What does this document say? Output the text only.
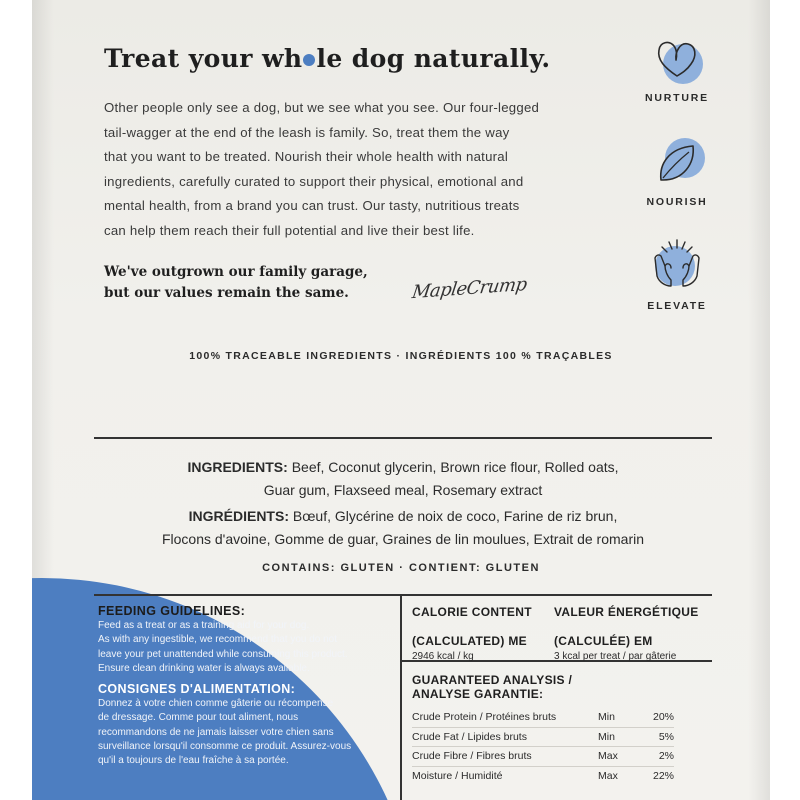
Treat your wh le dog naturally.
Other people only see a dog, but we see what you see. Our four-legged
tail-wagger at the end of the leash is family. So, treat them the way
that you want to be treated. Nourish their whole health with natural
ingredients, carefully curated to support their physical, emotional and
mental health, from a brand you can trust. Our tasty, nutritious treats
can help them reach their full potential and live their best life.
We've outgrown our family garage,
but our values remain the same.	MapleCrump
NURTURE
NOURISH
ELEVATE
100% TRACEABLE INGREDIENTS · INGRÉDIENTS 100 % TRAÇABLES

INGREDIENTS: Beef, Coconut glycerin, Brown rice flour, Rolled oats,
Guar gum, Flaxseed meal, Rosemary extract

INGRÉDIENTS: Bœuf, Glycérine de noix de coco, Farine de riz brun,
Flocons d'avoine, Gomme de guar, Graines de lin moulues, Extrait de romarin

CONTAINS: GLUTEN · CONTIENT: GLUTEN
FEEDING GUIDELINES:

Feed as a treat or as a training aid for your dog.
As with any ingestible, we recommend that you do not
leave your pet unattended while consuming this product.
Ensure clean drinking water is always available.

CONSIGNES D'ALIMENTATION:

Donnez à votre chien comme gâterie ou récompense
de dressage. Comme pour tout aliment, nous
recommandons de ne jamais laisser votre chien sans
surveillance lorsqu'il consomme ce produit. Assurez-vous
qu'il a toujours de l'eau fraîche à sa portée.

CALORIE CONTENT

(CALCULATED) ME
2946 kcal / kg
VALEUR ÉNERGÉTIQUE

(CALCULÉE) EM
3 kcal per treat / par gâterie
GUARANTEED ANALYSIS /
ANALYSE GARANTIE:
Crude Protein / Protéines bruts	Min	20%
Crude Fat / Lipides bruts	Min	5%
Crude Fibre / Fibres bruts	Max	2%
Moisture / Humidité	Max	22%
